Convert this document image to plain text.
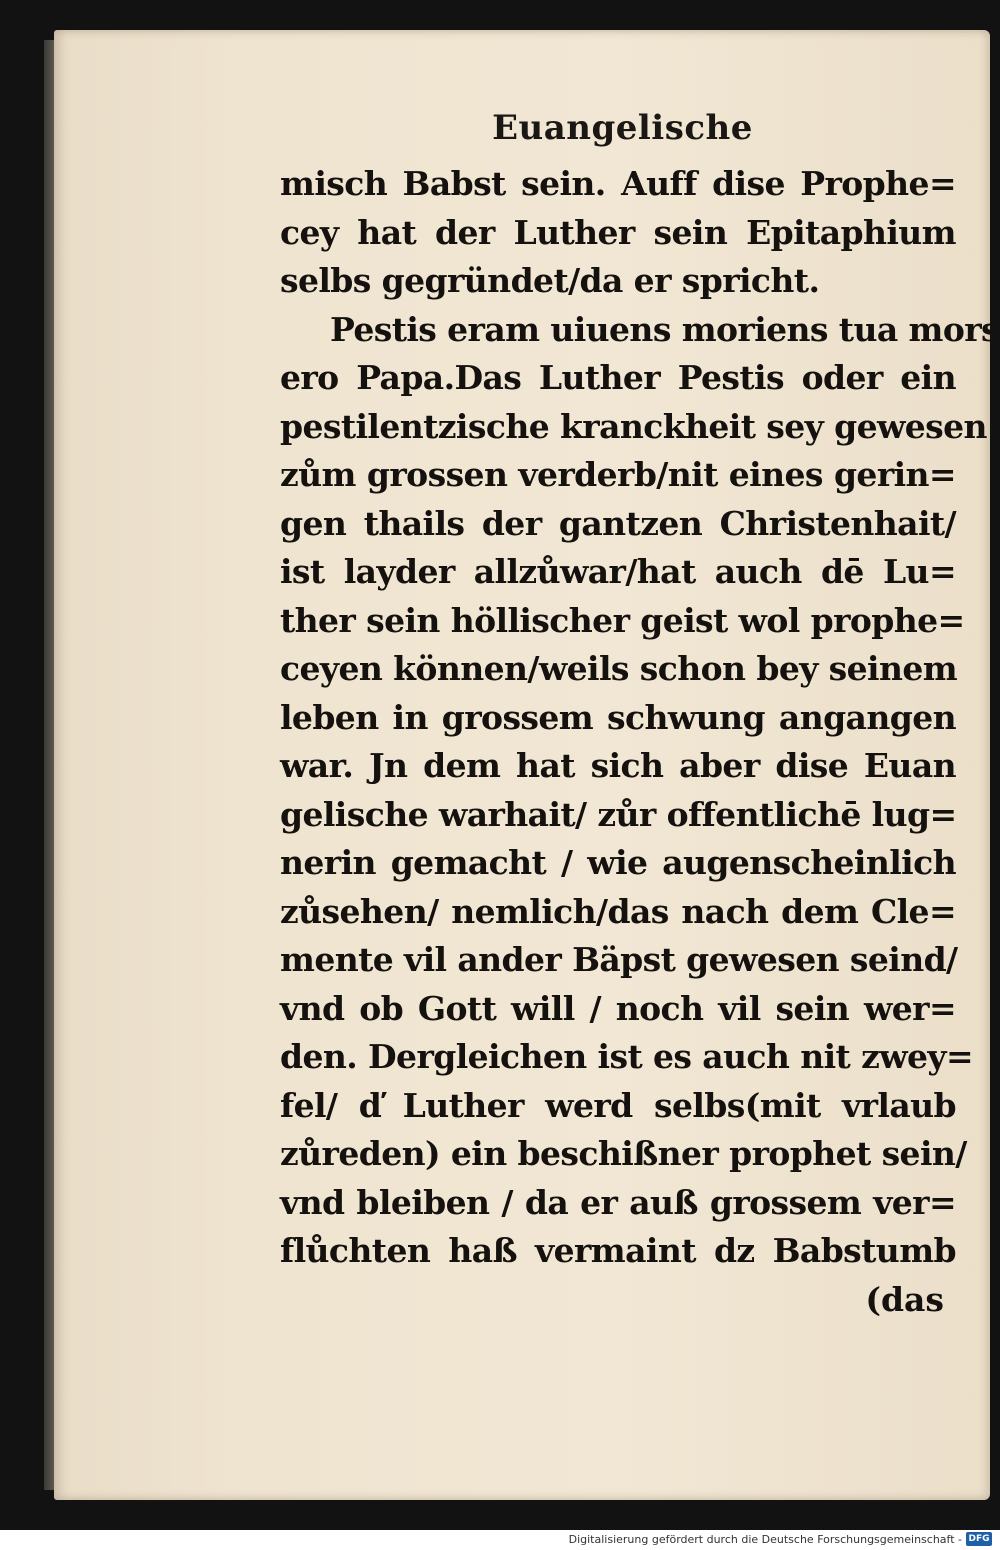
Euangelische
misch Babst sein. Auff dise Prophe=
cey hat der Luther sein Epitaphium
selbs gegründet/da er spricht.
Pestis eram uiuens moriens tua mors
ero Papa.Das Luther Pestis oder ein
pestilentzische kranckheit sey gewesen
zům grossen verderb/nit eines gerin=
gen thails der gantzen Christenhait/
ist layder allzůwar/hat auch dē Lu=
ther sein höllischer geist wol prophe=
ceyen können/weils schon bey seinem
leben in grossem schwung angangen
war. Jn dem hat sich aber dise Euan
gelische warhait/ zůr offentlichē lug=
nerin gemacht / wie augenscheinlich
zůsehen/ nemlich/das nach dem Cle=
mente vil ander Bäpst gewesen seind/
vnd ob Gott will / noch vil sein wer=
den. Dergleichen ist es auch nit zwey=
fel/ ď Luther werd selbs(mit vrlaub
zůreden) ein beschißner prophet sein/
vnd bleiben / da er auß grossem ver=
flůchten haß vermaint dz Babstumb
(das
Digitalisierung gefördert durch die Deutsche Forschungsgemeinschaft - DFG
